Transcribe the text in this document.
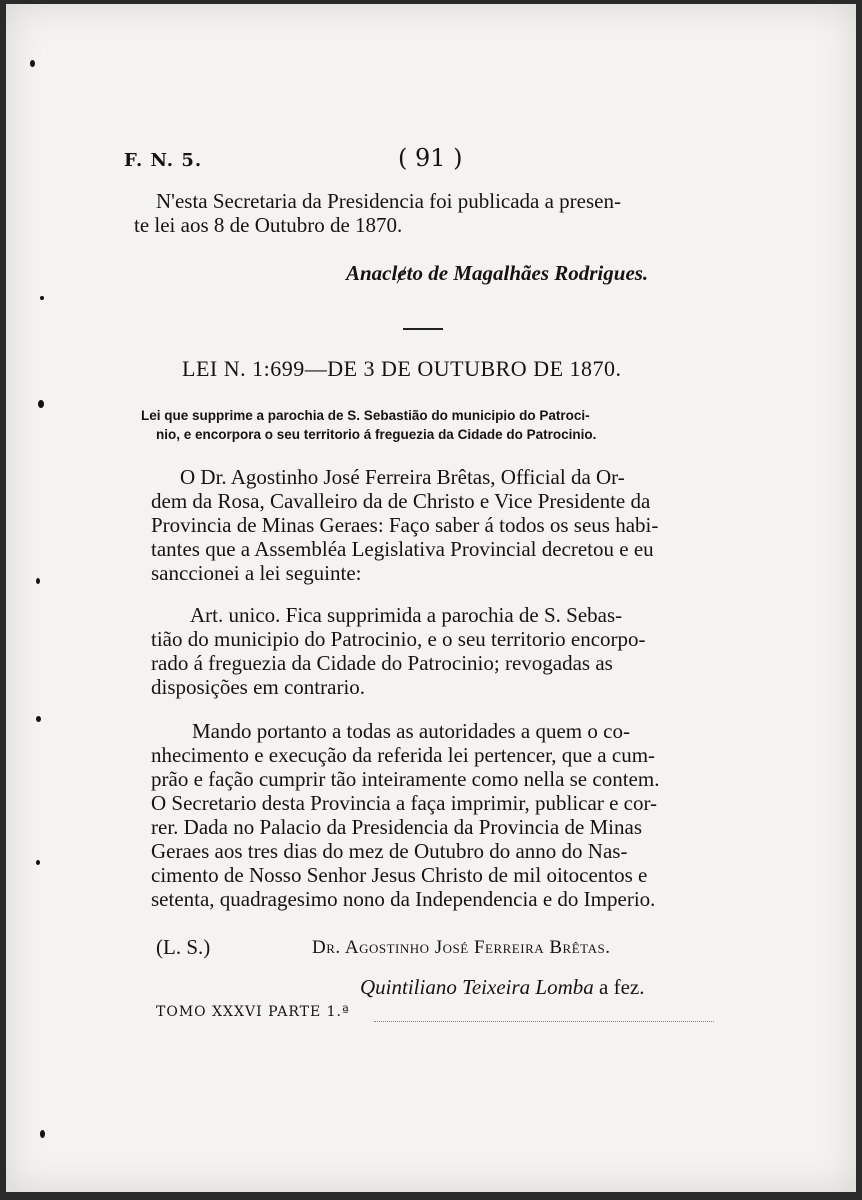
F. N. 5.	( 91 )
N'esta Secretaria da Presidencia foi publicada a presen-
te lei aos 8 de Outubro de 1870.
Anaclɇto de Magalhães Rodrigues.
LEI N. 1:699—DE 3 DE OUTUBRO DE 1870.
Lei que supprime a parochia de S. Sebastião do municipio do Patroci-
nio, e encorpora o seu territorio á freguezia da Cidade do Patrocinio.
O Dr. Agostinho José Ferreira Brêtas, Official da Or-
dem da Rosa, Cavalleiro da de Christo e Vice Presidente da
Provincia de Minas Geraes: Faço saber á todos os seus habi-
tantes que a Assembléa Legislativa Provincial decretou e eu
sanccionei a lei seguinte:
Art. unico. Fica supprimida a parochia de S. Sebas-
tião do municipio do Patrocinio, e o seu territorio encorpo-
rado á freguezia da Cidade do Patrocinio; revogadas as
disposições em contrario.
Mando portanto a todas as autoridades a quem o co-
nhecimento e execução da referida lei pertencer, que a cum-
prão e fação cumprir tão inteiramente como nella se contem.
O Secretario desta Provincia a faça imprimir, publicar e cor-
rer. Dada no Palacio da Presidencia da Provincia de Minas
Geraes aos tres dias do mez de Outubro do anno do Nas-
cimento de Nosso Senhor Jesus Christo de mil oitocentos e
setenta, quadragesimo nono da Independencia e do Imperio.
(L. S.)	Dr. Agostinho José Ferreira Brêtas.
Quintiliano Teixeira Lomba a fez.
TOMO XXXVI PARTE 1.ª
